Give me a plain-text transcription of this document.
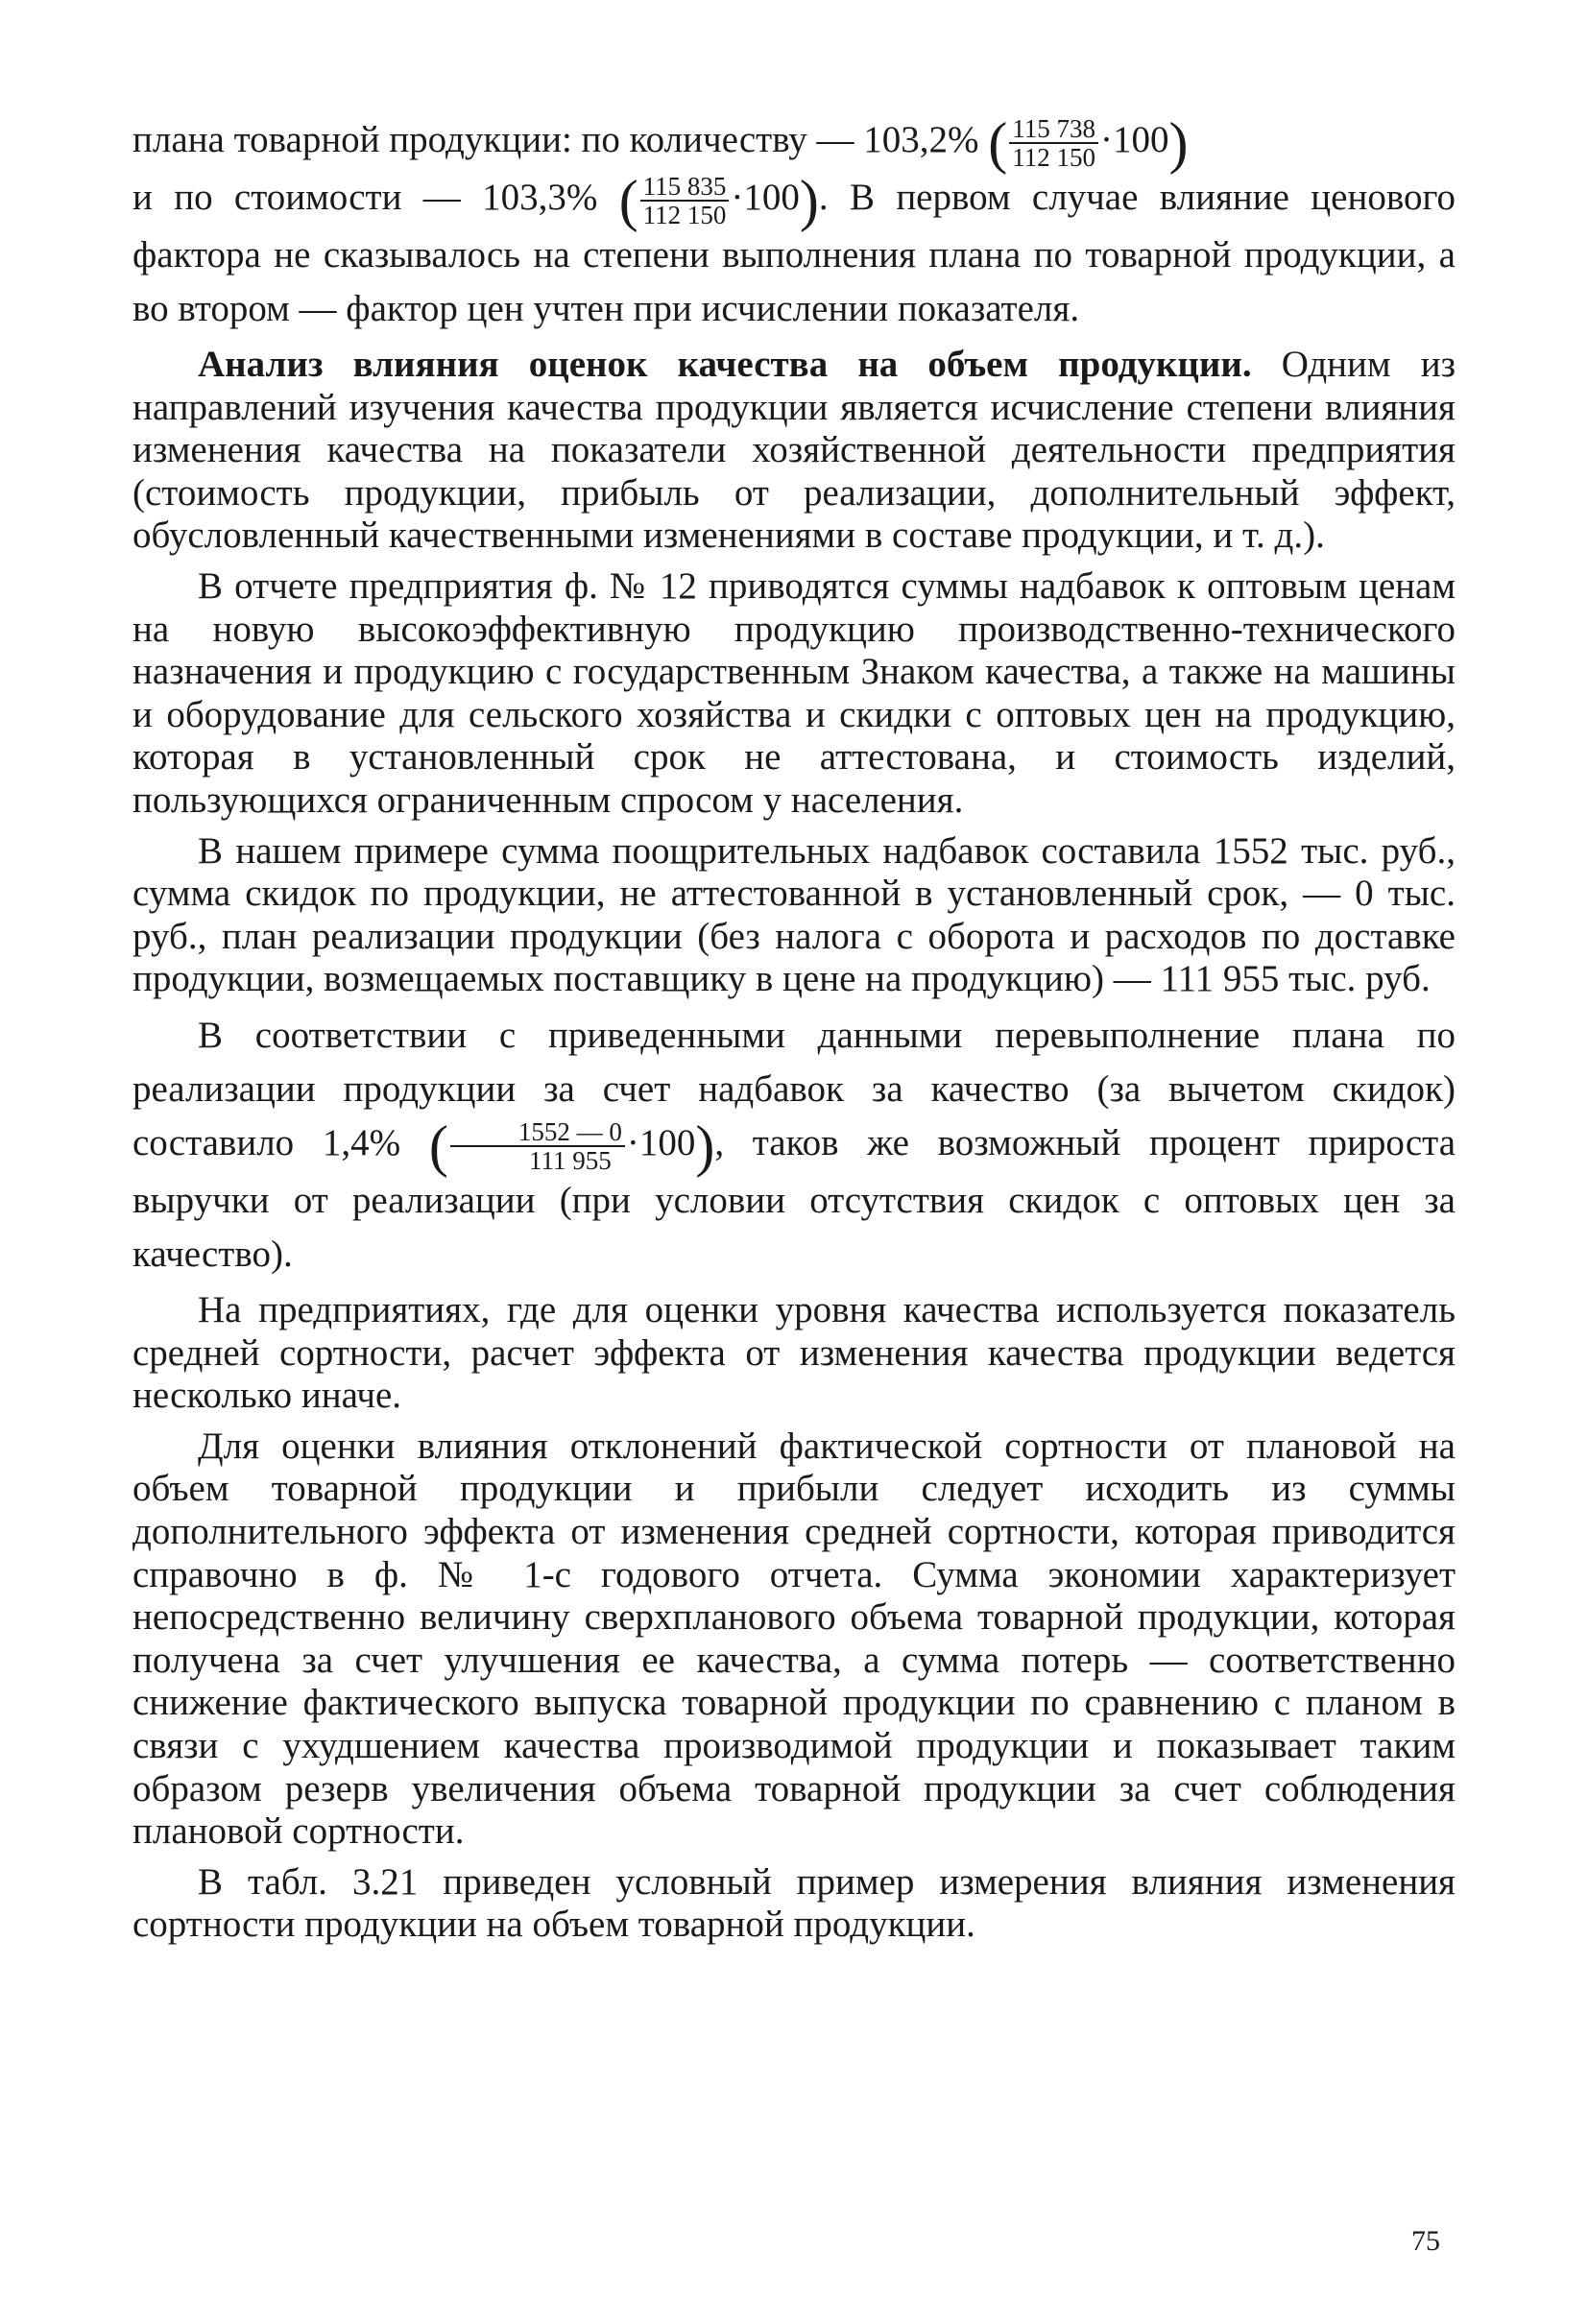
плана товарной продукции: по количеству — 103,2% ( $\frac{115 738}{112 150} \cdot 100$)
и по стоимости — 103,3% ( $\frac{115 835}{112 150} \cdot 100$). В первом случае влияние ценового фактора не сказывалось на степени выполнения плана по товарной продукции, а во втором — фактор цен учтен при исчислении показателя.

Анализ влияния оценок качества на объем продукции. Одним из направлений изучения качества продукции является исчисление степени влияния изменения качества на показатели хозяйственной деятельности предприятия (стоимость продукции, прибыль от реализации, дополнительный эффект, обусловленный качественными изменениями в составе продукции, и т. д.).

В отчете предприятия ф. № 12 приводятся суммы надбавок к оптовым ценам на новую высокоэффективную продукцию производственно-технического назначения и продукцию с государственным Знаком качества, а также на машины и оборудование для сельского хозяйства и скидки с оптовых цен на продукцию, которая в установленный срок не аттестована, и стоимость изделий, пользующихся ограниченным спросом у населения.

В нашем примере сумма поощрительных надбавок составила 1552 тыс. руб., сумма скидок по продукции, не аттестованной в установленный срок, — 0 тыс. руб., план реализации продукции (без налога с оборота и расходов по доставке продукции, возмещаемых поставщику в цене на продукцию) — 111 955 тыс. руб.

В соответствии с приведенными данными перевыполнение плана по реализации продукции за счет надбавок за качество (за вычетом скидок) составило 1,4% ( $\frac{1552 — 0}{111 955} \cdot 100$), таков же возможный процент прироста выручки от реализации (при условии отсутствия скидок с оптовых цен за качество).

На предприятиях, где для оценки уровня качества используется показатель средней сортности, расчет эффекта от изменения качества продукции ведется несколько иначе.

Для оценки влияния отклонений фактической сортности от плановой на объем товарной продукции и прибыли следует исходить из суммы дополнительного эффекта от изменения средней сортности, которая приводится справочно в ф. № 1-с годового отчета. Сумма экономии характеризует непосредственно величину сверхпланового объема товарной продукции, которая получена за счет улучшения ее качества, а сумма потерь — соответственно снижение фактического выпуска товарной продукции по сравнению с планом в связи с ухудшением качества производимой продукции и показывает таким образом резерв увеличения объема товарной продукции за счет соблюдения плановой сортности.

В табл. 3.21 приведен условный пример измерения влияния изменения сортности продукции на объем товарной продукции.

75
